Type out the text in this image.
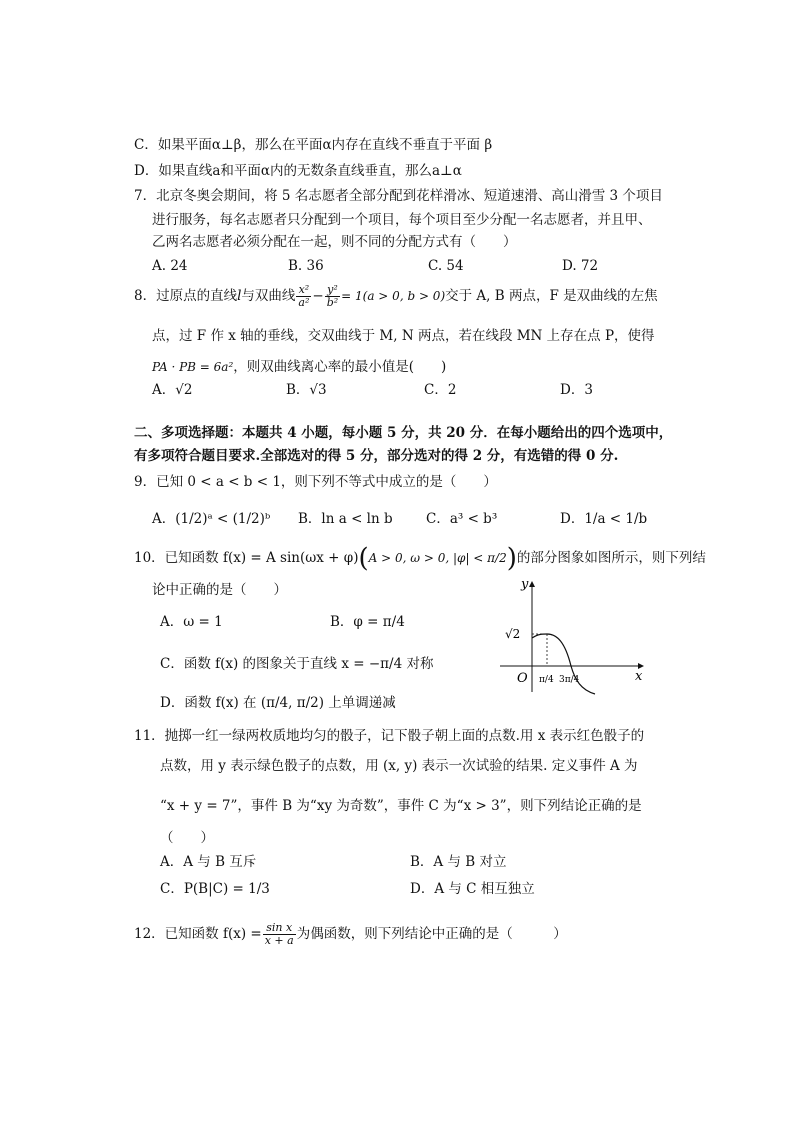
C．如果平面α⊥β，那么在平面α内存在直线不垂直于平面 β
D．如果直线a和平面α内的无数条直线垂直，那么a⊥α
7．北京冬奥会期间，将 5 名志愿者全部分配到花样滑冰、短道速滑、高山滑雪 3 个项目
进行服务，每名志愿者只分配到一个项目，每个项目至少分配一名志愿者，并且甲、
乙两名志愿者必须分配在一起，则不同的分配方式有（　　）
A. 24	B. 36	C. 54	D. 72
8．过原点的直线l与双曲线 $\frac{\text{x²}}{\text{a²}} - \frac{\text{y²}}{\text{b²}} = 1(a > 0$, b > 0)交于 A, B 两点，F 是双曲线的左焦
点，过 F 作 x 轴的垂线，交双曲线于 M, N 两点，若在线段 MN 上存在点 P，使得
PA · PB = 6a²，则双曲线离心率的最小值是(　　)
A．√2	B．√3	C．2	D．3
二、多项选择题：本题共 4 小题，每小题 5 分，共 20 分．在每小题给出的四个选项中，
有多项符合题目要求.全部选对的得 5 分，部分选对的得 2 分，有选错的得 0 分.
9．已知 0 < a < b < 1，则下列不等式中成立的是（　　）
A．(1/2)ᵃ < (1/2)ᵇ B．ln a < ln b C．a³ < b³	D．1/a < 1/b
10．已知函数 f(x) = A sin(ωx + φ)(A > 0, ω > 0, |φ| < π/2)的部分图象如图所示，则下列结
论中正确的是（　　）
A．ω = 1	B．φ = π/4
C．函数 f(x) 的图象关于直线 x = −π/4 对称
D．函数 f(x) 在 (π/4, π/2) 上单调递减
y
x
O
√2
π/4 3π/4
11．抛掷一红一绿两枚质地均匀的骰子，记下骰子朝上面的点数.用 x 表示红色骰子的
点数，用 y 表示绿色骰子的点数，用 (x, y) 表示一次试验的结果. 定义事件 A 为
“x + y = 7”，事件 B 为“xy 为奇数”，事件 C 为“x > 3”，则下列结论正确的是
（　　）
A．A 与 B 互斥	B．A 与 B 对立
C．P(B|C) = 1/3	D．A 与 C 相互独立
12．已知函数 $f(x) = \frac{\text{sin x}}{x + a}$ 为偶函数，则下列结论中正确的是（　　　）
